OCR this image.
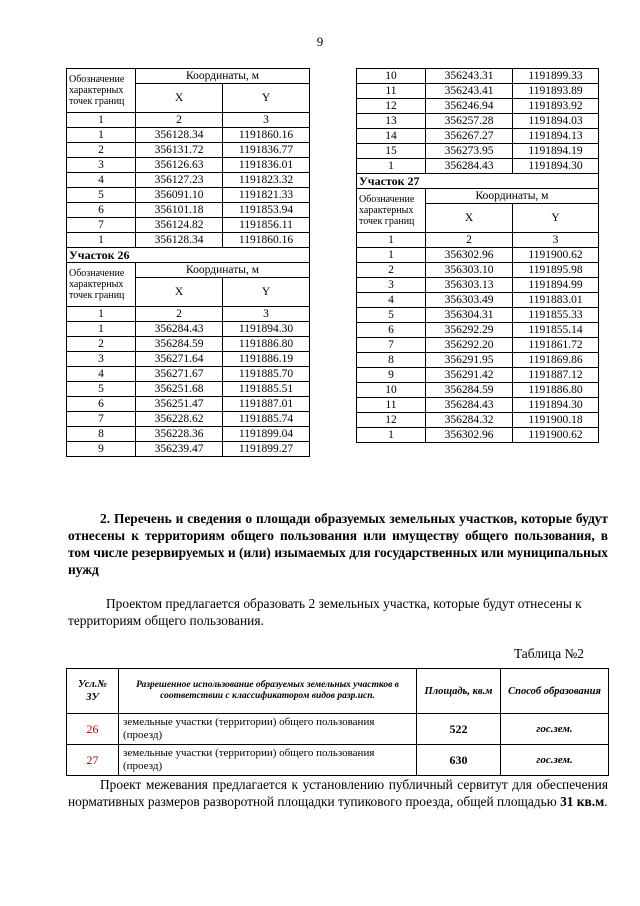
9
Обозначение характерных точек границ	Координаты, м	
	X	Y
1	2	3
1	356128.34	1191860.16
2	356131.72	1191836.77
3	356126.63	1191836.01
4	356127.23	1191823.32
5	356091.10	1191821.33
6	356101.18	1191853.94
7	356124.82	1191856.11
1	356128.34	1191860.16
Участок 26		
Обозначение характерных точек границ	Координаты, м	
	X	Y
1	2	3
1	356284.43	1191894.30
2	356284.59	1191886.80
3	356271.64	1191886.19
4	356271.67	1191885.70
5	356251.68	1191885.51
6	356251.47	1191887.01
7	356228.62	1191885.74
8	356228.36	1191899.04
9	356239.47	1191899.27
10	356243.31	1191899.33
11	356243.41	1191893.89
12	356246.94	1191893.92
13	356257.28	1191894.03
14	356267.27	1191894.13
15	356273.95	1191894.19
1	356284.43	1191894.30
Участок 27		
Обозначение характерных точек границ	Координаты, м	
	X	Y
1	2	3
1	356302.96	1191900.62
2	356303.10	1191895.98
3	356303.13	1191894.99
4	356303.49	1191883.01
5	356304.31	1191855.33
6	356292.29	1191855.14
7	356292.20	1191861.72
8	356291.95	1191869.86
9	356291.42	1191887.12
10	356284.59	1191886.80
11	356284.43	1191894.30
12	356284.32	1191900.18
1	356302.96	1191900.62
2. Перечень и сведения о площади образуемых земельных участков, которые будут отнесены к территориям общего пользования или имуществу общего пользования, в том числе резервируемых и (или) изымаемых для государственных или муниципальных нужд
Проектом предлагается образовать 2 земельных участка, которые будут отнесены к территориям общего пользования.
Таблица №2
Усл.№ ЗУ	Разрешенное использование образуемых земельных участков в соответствии с классификатором видов разр.исп.	Площадь, кв.м	Способ образования
26	земельные участки (территории) общего пользования (проезд)	522	гос.зем.
27	земельные участки (территории) общего пользования (проезд)	630	гос.зем.
Проект межевания предлагается к установлению публичный сервитут для обеспечения нормативных размеров разворотной площадки тупикового проезда, общей площадью 31 кв.м.
